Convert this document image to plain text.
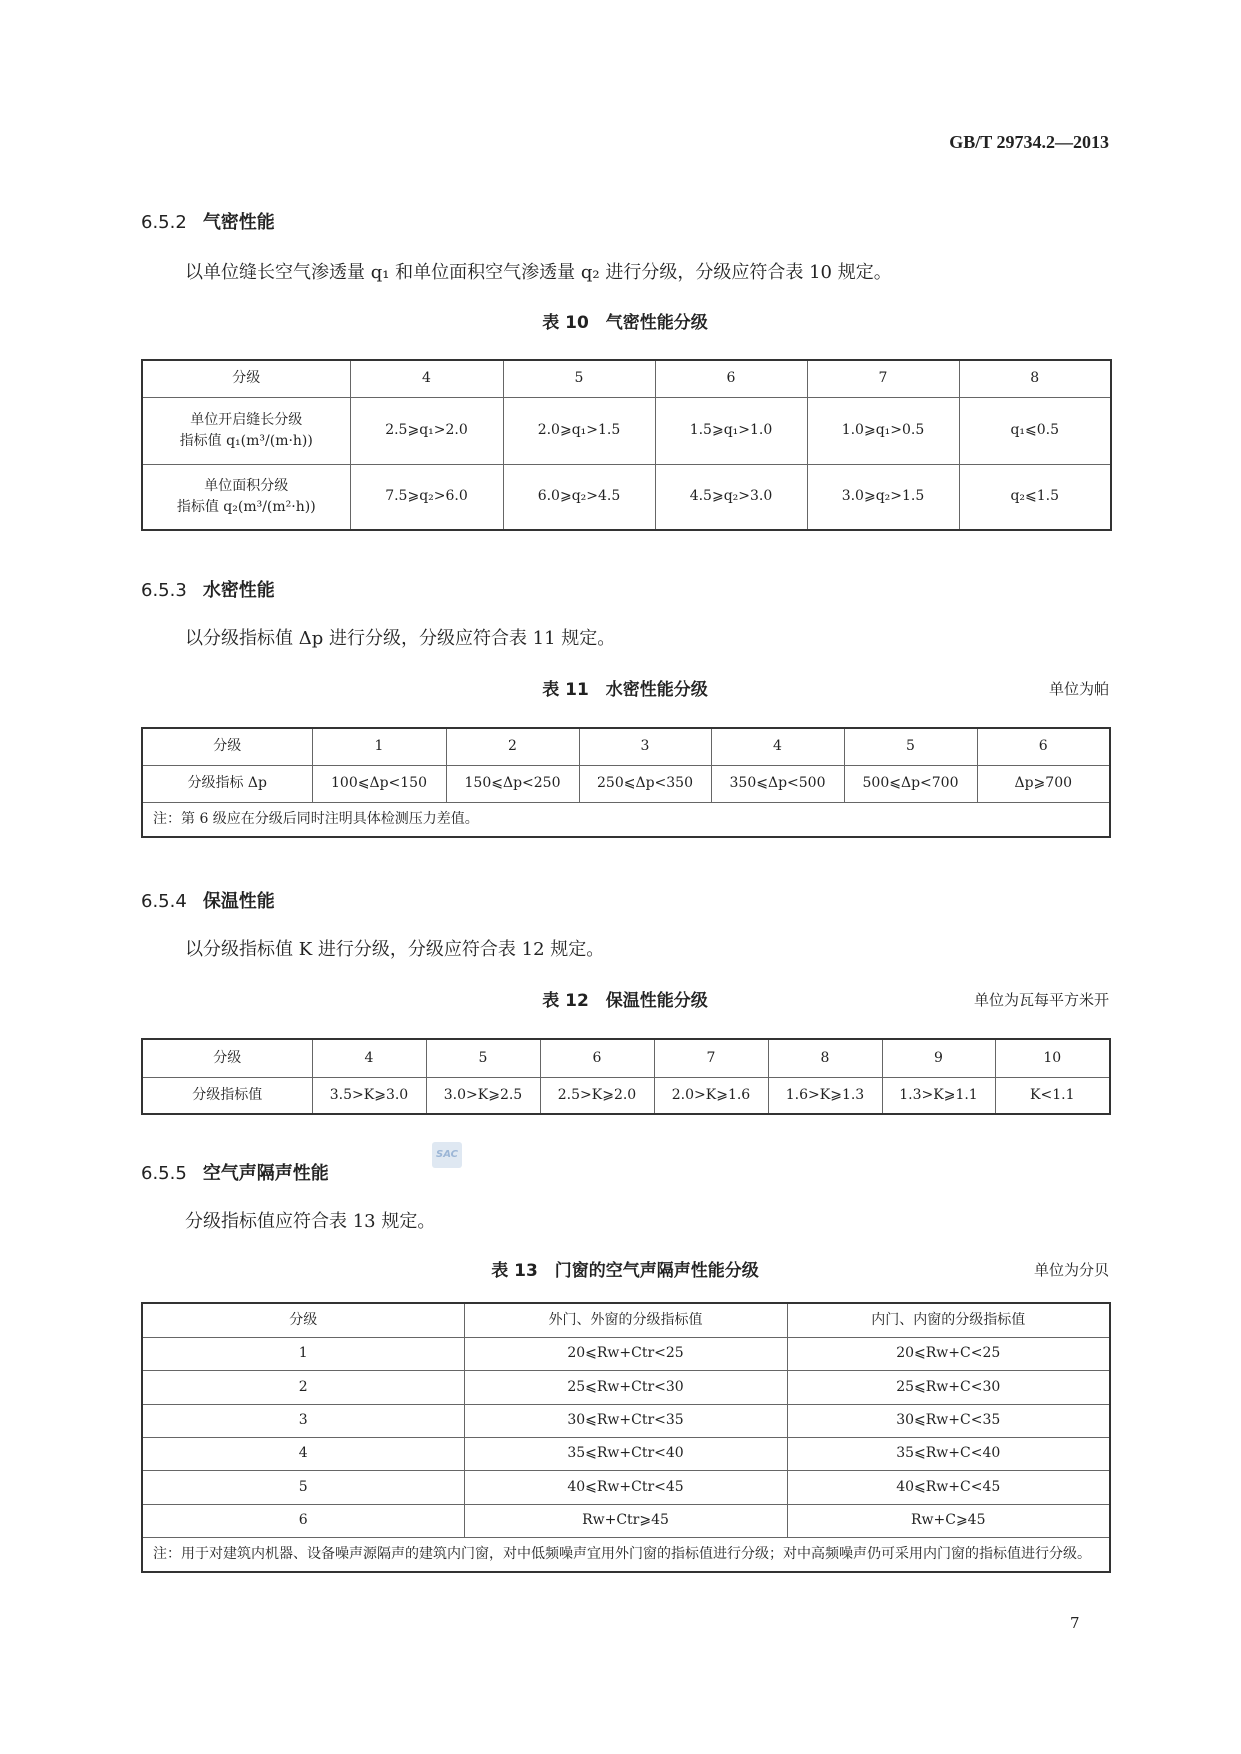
GB/T 29734.2—2013
6.5.2 气密性能
以单位缝长空气渗透量 q₁ 和单位面积空气渗透量 q₂ 进行分级，分级应符合表 10 规定。
表 10　气密性能分级
分级	4	5	6	7	8
单位开启缝长分级
指标值 q₁(m³/(m·h))	2.5⩾q₁>2.0	2.0⩾q₁>1.5	1.5⩾q₁>1.0	1.0⩾q₁>0.5	q₁⩽0.5
单位面积分级
指标值 q₂(m³/(m²·h))	7.5⩾q₂>6.0	6.0⩾q₂>4.5	4.5⩾q₂>3.0	3.0⩾q₂>1.5	q₂⩽1.5
6.5.3 水密性能
以分级指标值 Δp 进行分级，分级应符合表 11 规定。
表 11　水密性能分级	单位为帕
分级	1	2	3	4	5	6
分级指标 Δp	100⩽Δp<150	150⩽Δp<250	250⩽Δp<350	350⩽Δp<500	500⩽Δp<700	Δp⩾700
注：第 6 级应在分级后同时注明具体检测压力差值。						
6.5.4 保温性能
以分级指标值 K 进行分级，分级应符合表 12 规定。
表 12　保温性能分级	单位为瓦每平方米开
分级	4	5	6	7	8	9	10
分级指标值	3.5>K⩾3.0	3.0>K⩾2.5	2.5>K⩾2.0	2.0>K⩾1.6	1.6>K⩾1.3	1.3>K⩾1.1	K<1.1
SAC
6.5.5 空气声隔声性能
分级指标值应符合表 13 规定。
表 13　门窗的空气声隔声性能分级	单位为分贝
分级	外门、外窗的分级指标值	内门、内窗的分级指标值
1	20⩽Rw+Ctr<25	20⩽Rw+C<25
2	25⩽Rw+Ctr<30	25⩽Rw+C<30
3	30⩽Rw+Ctr<35	30⩽Rw+C<35
4	35⩽Rw+Ctr<40	35⩽Rw+C<40
5	40⩽Rw+Ctr<45	40⩽Rw+C<45
6	Rw+Ctr⩾45	Rw+C⩾45
注：用于对建筑内机器、设备噪声源隔声的建筑内门窗，对中低频噪声宜用外门窗的指标值进行分级；对中高频噪声仍可采用内门窗的指标值进行分级。		
7
